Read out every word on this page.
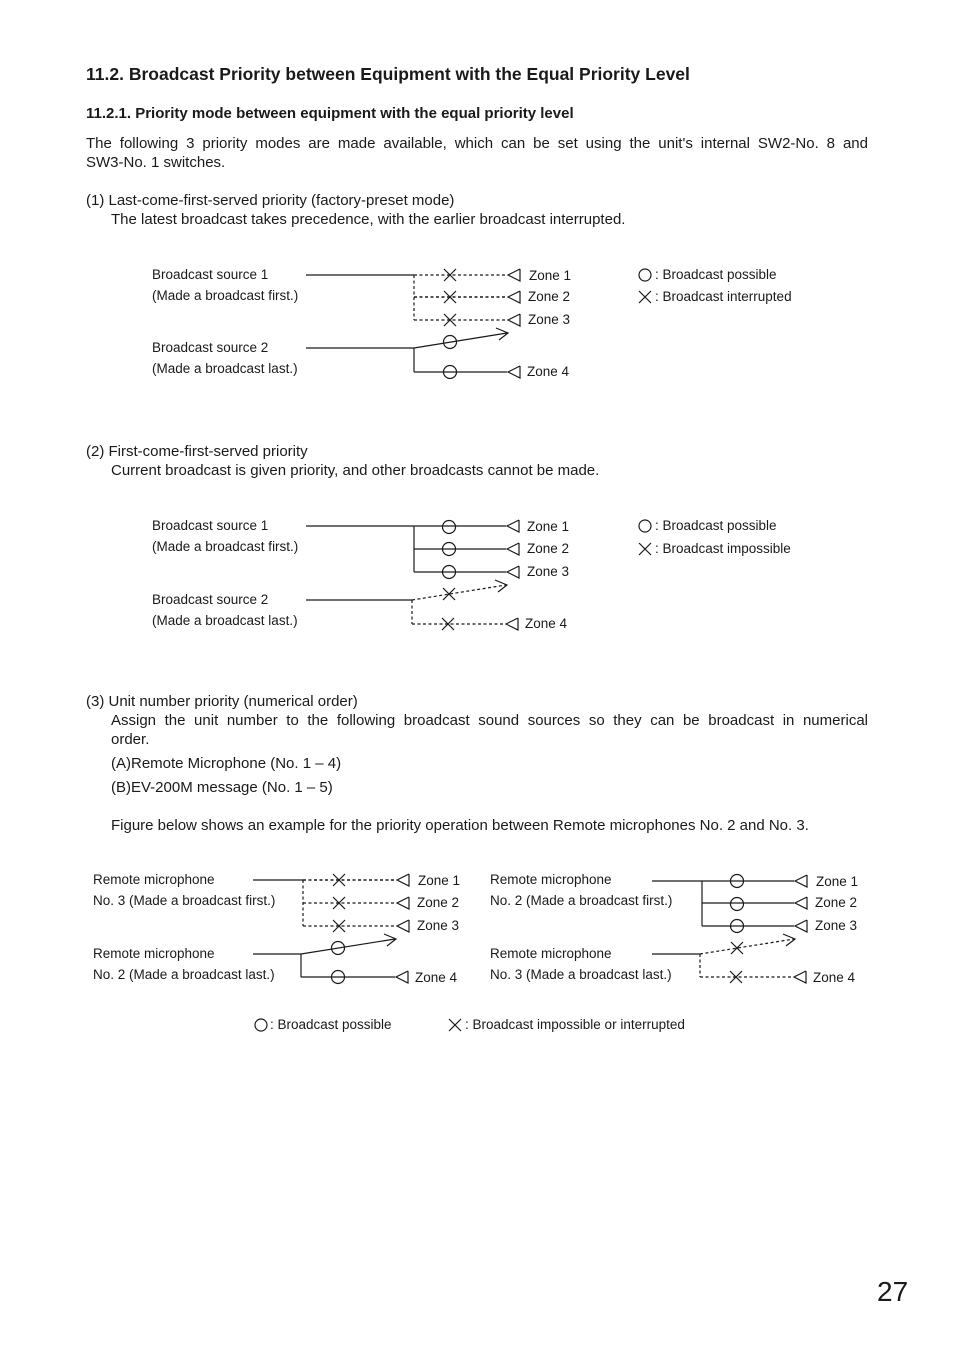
11.2. Broadcast Priority between Equipment with the Equal Priority Level
11.2.1. Priority mode between equipment with the equal priority level
The following 3 priority modes are made available, which can be set using the unit's internal SW2-No. 8 and
SW3-No. 1 switches.
(1) Last-come-first-served priority (factory-preset mode)
The latest broadcast takes precedence, with the earlier broadcast interrupted.
Broadcast source 1
(Made a broadcast first.)
Broadcast source 2
(Made a broadcast last.)
Zone 1
Zone 2
Zone 3
Zone 4
: Broadcast possible
: Broadcast interrupted
(2) First-come-first-served priority
Current broadcast is given priority, and other broadcasts cannot be made.
Broadcast source 1
(Made a broadcast first.)
Broadcast source 2
(Made a broadcast last.)
Zone 1
Zone 2
Zone 3
Zone 4
: Broadcast possible
: Broadcast impossible
(3) Unit number priority (numerical order)
Assign the unit number to the following broadcast sound sources so they can be broadcast in numerical
order.
(A)Remote Microphone (No. 1 – 4)
(B)EV-200M message (No. 1 – 5)
Figure below shows an example for the priority operation between Remote microphones No. 2 and No. 3.
Remote microphone
No. 3 (Made a broadcast first.)
Remote microphone
No. 2 (Made a broadcast last.)
Zone 1
Zone 2
Zone 3
Zone 4
Remote microphone
No. 2 (Made a broadcast first.)
Remote microphone
No. 3 (Made a broadcast last.)
Zone 1
Zone 2
Zone 3
Zone 4
: Broadcast possible	: Broadcast impossible or interrupted
27
